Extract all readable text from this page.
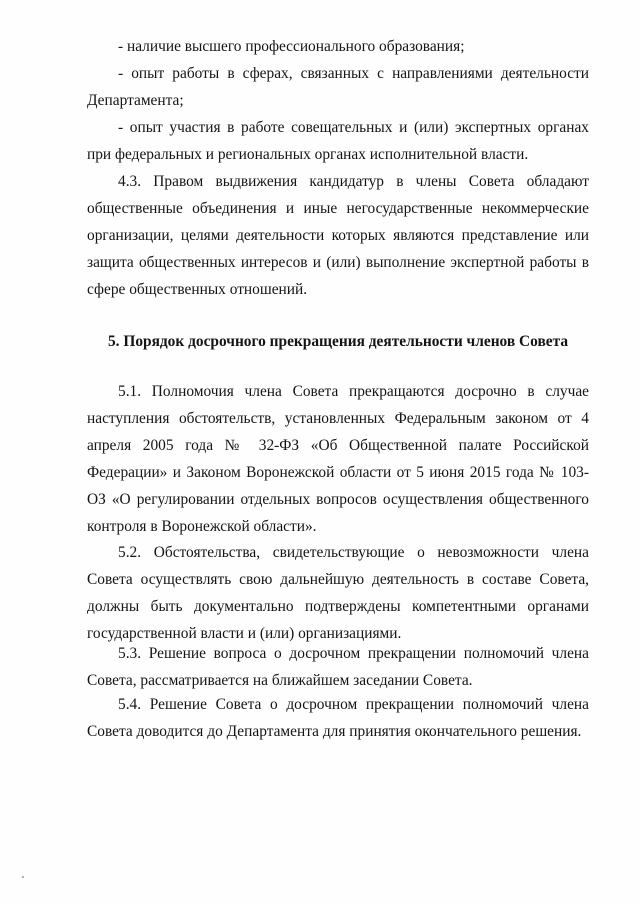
- наличие высшего профессионального образования;

- опыт работы в сферах, связанных с направлениями деятельности Департамента;

- опыт участия в работе совещательных и (или) экспертных органах при федеральных и региональных органах исполнительной власти.

4.3. Правом выдвижения кандидатур в члены Совета обладают общественные объединения и иные негосударственные некоммерческие организации, целями деятельности которых являются представление или защита общественных интересов и (или) выполнение экспертной работы в сфере общественных отношений.

5. Порядок досрочного прекращения деятельности членов Совета

5.1. Полномочия члена Совета прекращаются досрочно в случае наступления обстоятельств, установленных Федеральным законом от 4 апреля 2005 года № 32-ФЗ «Об Общественной палате Российской Федерации» и Законом Воронежской области от 5 июня 2015 года № 103-ОЗ «О регулировании отдельных вопросов осуществления общественного контроля в Воронежской области».

5.2. Обстоятельства, свидетельствующие о невозможности члена Совета осуществлять свою дальнейшую деятельность в составе Совета, должны быть документально подтверждены компетентными органами государственной власти и (или) организациями.

5.3. Решение вопроса о досрочном прекращении полномочий члена Совета, рассматривается на ближайшем заседании Совета.

5.4. Решение Совета о досрочном прекращении полномочий члена Совета доводится до Департамента для принятия окончательного решения.
